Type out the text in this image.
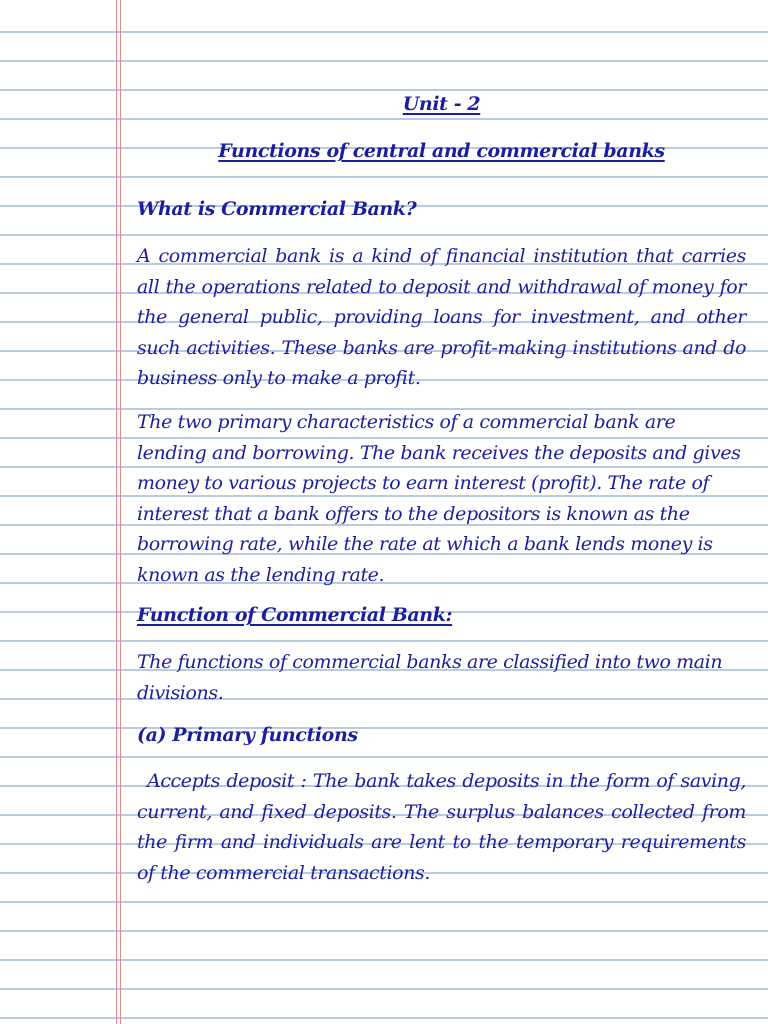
Unit - 2
Functions of central and commercial banks
What is Commercial Bank?

A commercial bank is a kind of financial institution that carries all the operations related to deposit and withdrawal of money for the general public, providing loans for investment, and other such activities. These banks are profit-making institutions and do business only to make a profit.

The two primary characteristics of a commercial bank are lending and borrowing. The bank receives the deposits and gives money to various projects to earn interest (profit). The rate of interest that a bank offers to the depositors is known as the borrowing rate, while the rate at which a bank lends money is known as the lending rate.

Function of Commercial Bank:

The functions of commercial banks are classified into two main divisions.

(a) Primary functions

Accepts deposit : The bank takes deposits in the form of saving, current, and fixed deposits. The surplus balances collected from the firm and individuals are lent to the temporary requirements of the commercial transactions.
